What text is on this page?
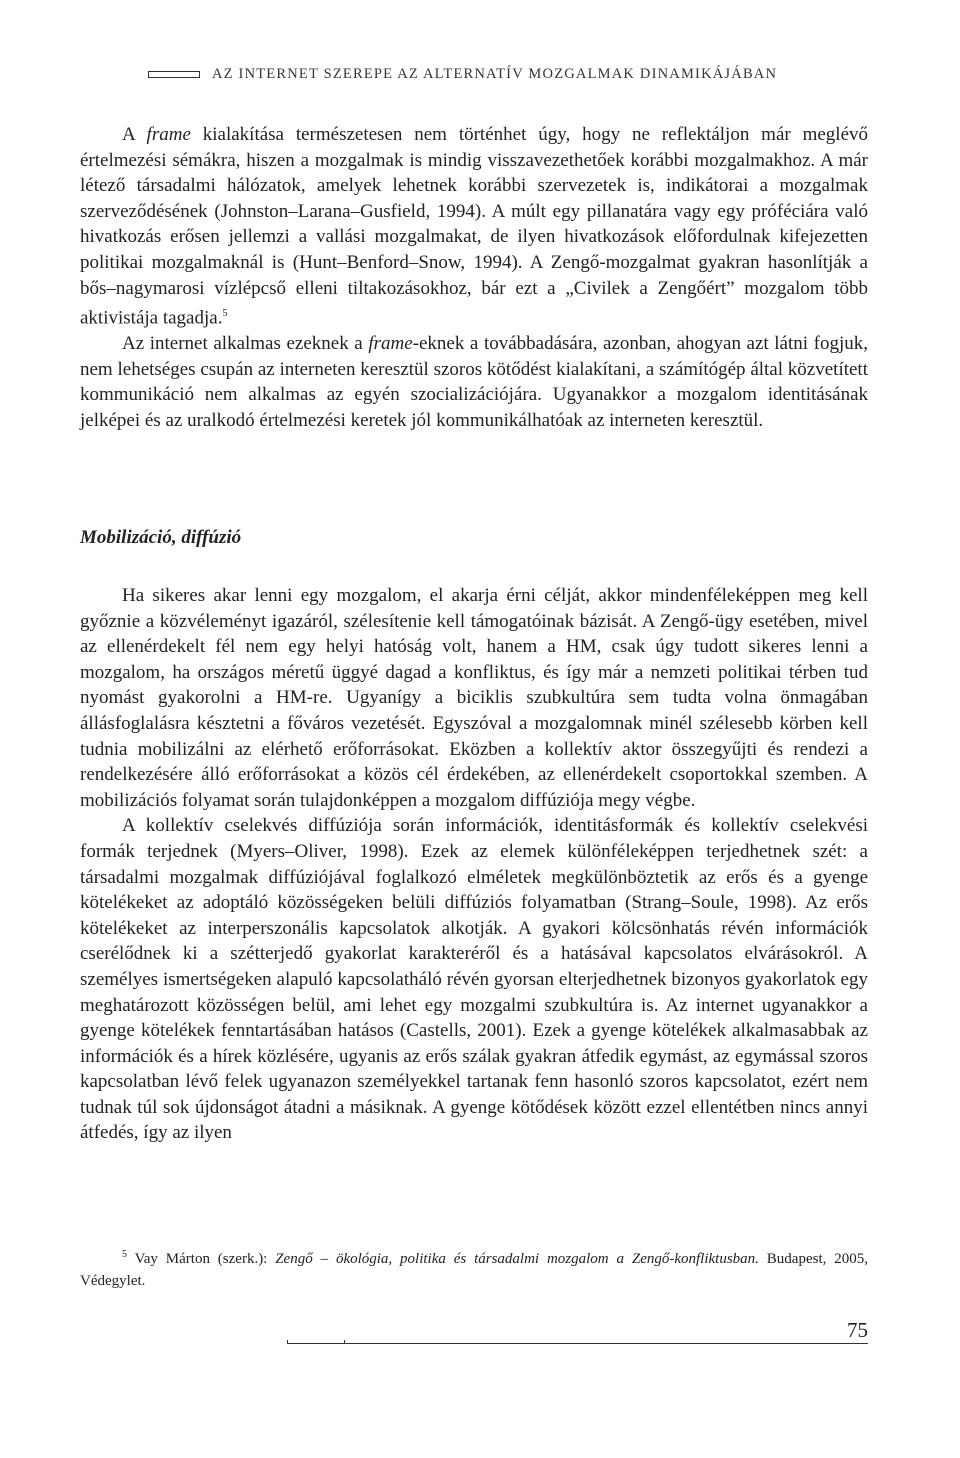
AZ INTERNET SZEREPE AZ ALTERNATÍV MOZGALMAK DINAMIKÁJÁBAN

A frame kialakítása természetesen nem történhet úgy, hogy ne reflektáljon már meglévő értelmezési sémákra, hiszen a mozgalmak is mindig visszavezethetőek korábbi mozgalmakhoz. A már létező társadalmi hálózatok, amelyek lehetnek korábbi szervezetek is, indikátorai a mozgalmak szerveződésének (Johnston–Larana–Gusfield, 1994). A múlt egy pillanatára vagy egy próféciára való hivatkozás erősen jellemzi a vallási mozgalmakat, de ilyen hivatkozások előfordulnak kifejezetten politikai mozgalmaknál is (Hunt–Benford–Snow, 1994). A Zengő-mozgalmat gyakran hasonlítják a bős–nagymarosi vízlépcső elleni tiltakozásokhoz, bár ezt a „Civilek a Zengőért” mozgalom több aktivistája tagadja.$^5$

Az internet alkalmas ezeknek a frame-eknek a továbbadására, azonban, ahogyan azt látni fogjuk, nem lehetséges csupán az interneten keresztül szoros kötődést kialakítani, a számítógép által közvetített kommunikáció nem alkalmas az egyén szocializációjára. Ugyanakkor a mozgalom identitásának jelképei és az uralkodó értelmezési keretek jól kommunikálhatóak az interneten keresztül.

Mobilizáció, diffúzió

Ha sikeres akar lenni egy mozgalom, el akarja érni célját, akkor mindenféleképpen meg kell győznie a közvéleményt igazáról, szélesítenie kell támogatóinak bázisát. A Zengő-ügy esetében, mivel az ellenérdekelt fél nem egy helyi hatóság volt, hanem a HM, csak úgy tudott sikeres lenni a mozgalom, ha országos méretű üggyé dagad a konfliktus, és így már a nemzeti politikai térben tud nyomást gyakorolni a HM-re. Ugyanígy a biciklis szubkultúra sem tudta volna önmagában állásfoglalásra késztetni a főváros vezetését. Egyszóval a mozgalomnak minél szélesebb körben kell tudnia mobilizálni az elérhető erőforrásokat. Eközben a kollektív aktor összegyűjti és rendezi a rendelkezésére álló erőforrásokat a közös cél érdekében, az ellenérdekelt csoportokkal szemben. A mobilizációs folyamat során tulajdonképpen a mozgalom diffúziója megy végbe.

A kollektív cselekvés diffúziója során információk, identitásformák és kollektív cselekvési formák terjednek (Myers–Oliver, 1998). Ezek az elemek különféleképpen terjedhetnek szét: a társadalmi mozgalmak diffúziójával foglalkozó elméletek megkülönböztetik az erős és a gyenge kötelékeket az adoptáló közösségeken belüli diffúziós folyamatban (Strang–Soule, 1998). Az erős kötelékeket az interperszonális kapcsolatok alkotják. A gyakori kölcsönhatás révén információk cserélődnek ki a szétterjedő gyakorlat karakteréről és a hatásával kapcsolatos elvárásokról. A személyes ismertségeken alapuló kapcsolatháló révén gyorsan elterjedhetnek bizonyos gyakorlatok egy meghatározott közösségen belül, ami lehet egy mozgalmi szubkultúra is. Az internet ugyanakkor a gyenge kötelékek fenntartásában hatásos (Castells, 2001). Ezek a gyenge kötelékek alkalmasabbak az információk és a hírek közlésére, ugyanis az erős szálak gyakran átfedik egymást, az egymással szoros kapcsolatban lévő felek ugyanazon személyekkel tartanak fenn hasonló szoros kapcsolatot, ezért nem tudnak túl sok újdonságot átadni a másiknak. A gyenge kötődések között ezzel ellentétben nincs annyi átfedés, így az ilyen

$^5$ Vay Márton (szerk.): Zengő – ökológia, politika és társadalmi mozgalom a Zengő-konfliktusban. Budapest, 2005, Védegylet.

75
